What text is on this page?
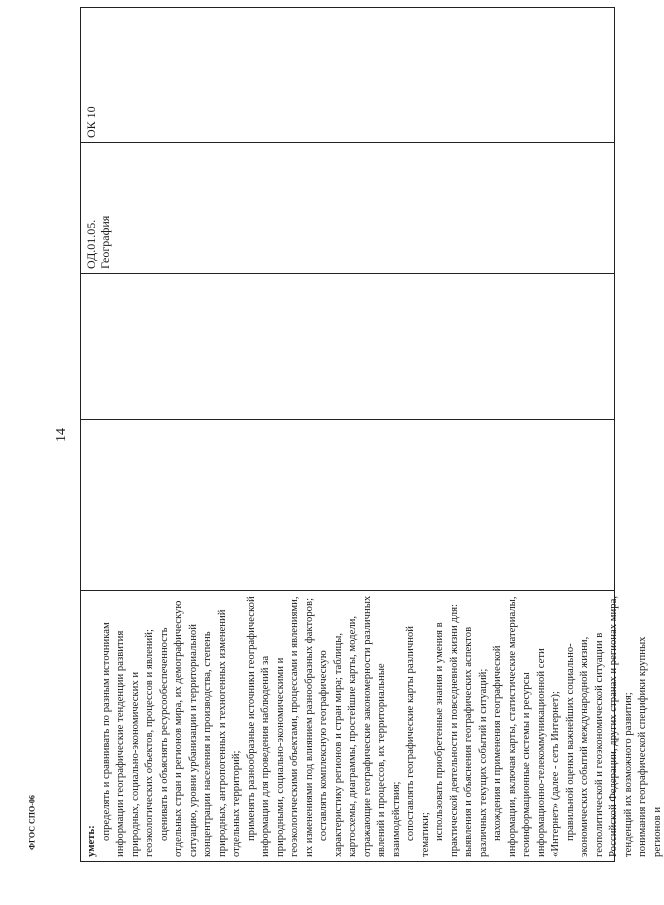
14
уметь:
определять и сравнивать по разным источникам информации географические тенденции развития природных, социально-экономических и геоэкологических объектов, процессов и явлений; оценивать и объяснять ресурсообеспеченность отдельных стран и регионов мира, их демографическую ситуацию, уровни урбанизации и территориальной концентрации населения и производства, степень природных, антропогенных и техногенных изменений отдельных территорий; применять разнообразные источники географической информации для проведения наблюдений за природными, социально-экономическими и геоэкологическими объектами, процессами и явлениями, их изменениями под влиянием разнообразных факторов; составлять комплексную географическую характеристику регионов и стран мира; таблицы, картосхемы, диаграммы, простейшие карты, модели, отражающие географические закономерности различных явлений и процессов, их территориальные взаимодействия; сопоставлять географические карты различной тематики; использовать приобретенные знания и умения в практической деятельности и повседневной жизни для: выявления и объяснения географических аспектов различных текущих событий и ситуаций; нахождения и применения географической информации, включая карты, статистические материалы, геоинформационные системы и ресурсы информационно-телекоммуникационной сети «Интернет» (далее - сеть Интернет); правильной оценки важнейших социально-экономических событий международной жизни, геополитической и геоэкономической ситуации в Российской Федерации, других странах и регионах мира, тенденций их возможного развития; понимания географической специфики крупных регионов и

ОД.01.05. География

ОК 10
ФГОС СПО-06
